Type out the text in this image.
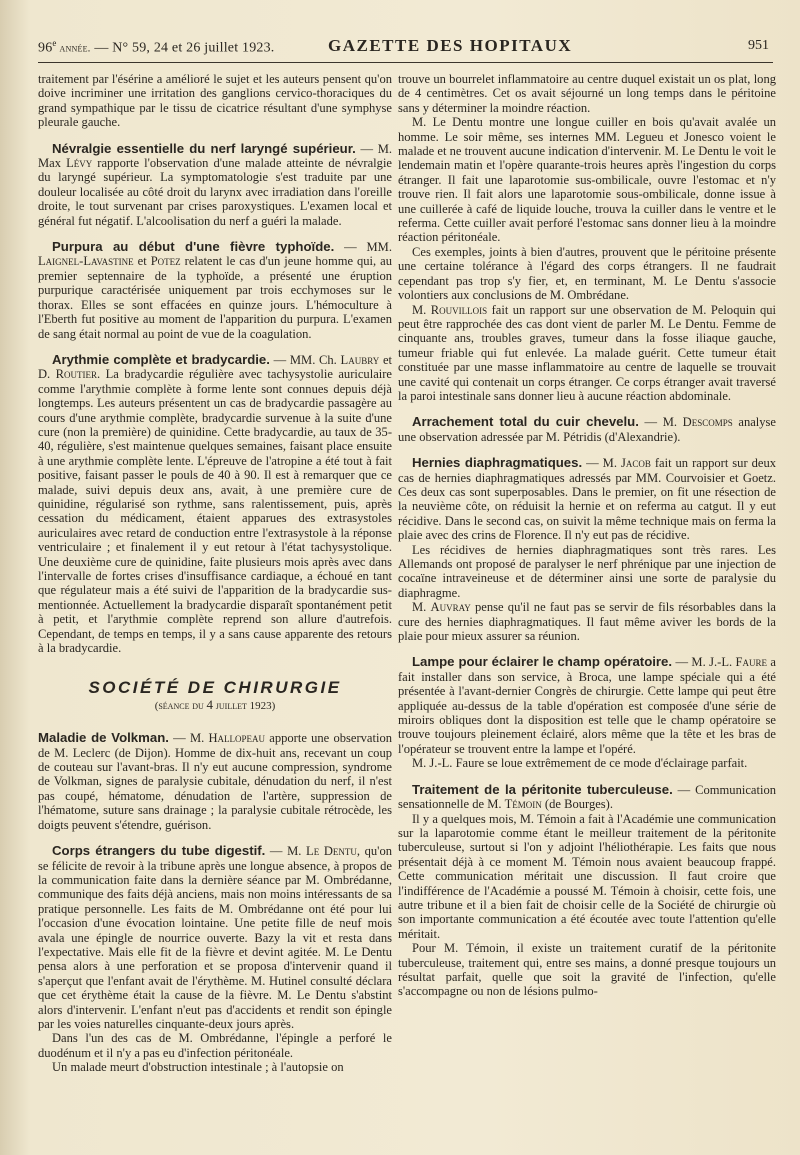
96e année. — N° 59, 24 et 26 juillet 1923.	GAZETTE DES HOPITAUX	951

traitement par l'ésérine a amélioré le sujet et les auteurs pensent qu'on doive incriminer une irritation des ganglions cervico-thoraciques du grand sympathique par le tissu de cicatrice résultant d'une symphyse pleurale gauche.

Névralgie essentielle du nerf laryngé supérieur. — M. Max Lévy rapporte l'observation d'une malade atteinte de névralgie du laryngé supérieur. La symptomatologie s'est traduite par une douleur localisée au côté droit du larynx avec irradiation dans l'oreille droite, le tout survenant par crises paroxystiques. L'examen local et général fut négatif. L'alcoolisation du nerf a guéri la malade.

Purpura au début d'une fièvre typhoïde. — MM. Laignel-Lavastine et Potez relatent le cas d'un jeune homme qui, au premier septennaire de la typhoïde, a présenté une éruption purpurique caractérisée uniquement par trois ecchymoses sur le thorax. Elles se sont effacées en quinze jours. L'hémoculture à l'Eberth fut positive au moment de l'apparition du purpura. L'examen de sang était normal au point de vue de la coagulation.

Arythmie complète et bradycardie. — MM. Ch. Laubry et D. Routier. La bradycardie régulière avec tachysystolie auriculaire comme l'arythmie complète à forme lente sont connues depuis déjà longtemps. Les auteurs présentent un cas de bradycardie passagère au cours d'une arythmie complète, bradycardie survenue à la suite d'une cure (non la première) de quinidine. Cette bradycardie, au taux de 35-40, régulière, s'est maintenue quelques semaines, faisant place ensuite à une arythmie complète lente. L'épreuve de l'atropine a été tout à fait positive, faisant passer le pouls de 40 à 90. Il est à remarquer que ce malade, suivi depuis deux ans, avait, à une première cure de quinidine, régularisé son rythme, sans ralentissement, puis, après cessation du médicament, étaient apparues des extrasystoles auriculaires avec retard de conduction entre l'extrasystole à la réponse ventriculaire ; et finalement il y eut retour à l'état tachysystolique. Une deuxième cure de quinidine, faite plusieurs mois après avec dans l'intervalle de fortes crises d'insuffisance cardiaque, a échoué en tant que régulateur mais a été suivi de l'apparition de la bradycardie sus-mentionnée. Actuellement la bradycardie disparaît spontanément petit à petit, et l'arythmie complète reprend son allure d'autrefois. Cependant, de temps en temps, il y a sans cause apparente des retours à la bradycardie.

SOCIÉTÉ DE CHIRURGIE
(séance du 4 juillet 1923)

Maladie de Volkman. — M. Hallopeau apporte une observation de M. Leclerc (de Dijon). Homme de dix-huit ans, recevant un coup de couteau sur l'avant-bras. Il n'y eut aucune compression, syndrome de Volkman, signes de paralysie cubitale, dénudation du nerf, il n'est pas coupé, hématome, dénudation de l'artère, suppression de l'hématome, suture sans drainage ; la paralysie cubitale rétrocède, les doigts peuvent s'étendre, guérison.

Corps étrangers du tube digestif. — M. Le Dentu, qu'on se félicite de revoir à la tribune après une longue absence, à propos de la communication faite dans la dernière séance par M. Ombrédanne, communique des faits déjà anciens, mais non moins intéressants de sa pratique personnelle. Les faits de M. Ombrédanne ont été pour lui l'occasion d'une évocation lointaine. Une petite fille de neuf mois avala une épingle de nourrice ouverte. Bazy la vit et resta dans l'expectative. Mais elle fit de la fièvre et devint agitée. M. Le Dentu pensa alors à une perforation et se proposa d'intervenir quand il s'aperçut que l'enfant avait de l'érythème. M. Hutinel consulté déclara que cet érythème était la cause de la fièvre. M. Le Dentu s'abstint alors d'intervenir. L'enfant n'eut pas d'accidents et rendit son épingle par les voies naturelles cinquante-deux jours après.

Dans l'un des cas de M. Ombrédanne, l'épingle a perforé le duodénum et il n'y a pas eu d'infection péritonéale.

Un malade meurt d'obstruction intestinale ; à l'autopsie on

trouve un bourrelet inflammatoire au centre duquel existait un os plat, long de 4 centimètres. Cet os avait séjourné un long temps dans le péritoine sans y déterminer la moindre réaction.

M. Le Dentu montre une longue cuiller en bois qu'avait avalée un homme. Le soir même, ses internes MM. Legueu et Jonesco voient le malade et ne trouvent aucune indication d'intervenir. M. Le Dentu le voit le lendemain matin et l'opère quarante-trois heures après l'ingestion du corps étranger. Il fait une laparotomie sus-ombilicale, ouvre l'estomac et n'y trouve rien. Il fait alors une laparotomie sous-ombilicale, donne issue à une cuillerée à café de liquide louche, trouva la cuiller dans le ventre et le referma. Cette cuiller avait perforé l'estomac sans donner lieu à la moindre réaction péritonéale.

Ces exemples, joints à bien d'autres, prouvent que le péritoine présente une certaine tolérance à l'égard des corps étrangers. Il ne faudrait cependant pas trop s'y fier, et, en terminant, M. Le Dentu s'associe volontiers aux conclusions de M. Ombrédane.

M. Rouvillois fait un rapport sur une observation de M. Peloquin qui peut être rapprochée des cas dont vient de parler M. Le Dentu. Femme de cinquante ans, troubles graves, tumeur dans la fosse iliaque gauche, tumeur friable qui fut enlevée. La malade guérit. Cette tumeur était constituée par une masse inflammatoire au centre de laquelle se trouvait une cavité qui contenait un corps étranger. Ce corps étranger avait traversé la paroi intestinale sans donner lieu à aucune réaction abdominale.

Arrachement total du cuir chevelu. — M. Descomps analyse une observation adressée par M. Pétridis (d'Alexandrie).

Hernies diaphragmatiques. — M. Jacob fait un rapport sur deux cas de hernies diaphragmatiques adressés par MM. Courvoisier et Goetz. Ces deux cas sont superposables. Dans le premier, on fit une résection de la neuvième côte, on réduisit la hernie et on referma au catgut. Il y eut récidive. Dans le second cas, on suivit la même technique mais on ferma la plaie avec des crins de Florence. Il n'y eut pas de récidive.

Les récidives de hernies diaphragmatiques sont très rares. Les Allemands ont proposé de paralyser le nerf phrénique par une injection de cocaïne intraveineuse et de déterminer ainsi une sorte de paralysie du diaphragme.

M. Auvray pense qu'il ne faut pas se servir de fils résorbables dans la cure des hernies diaphragmatiques. Il faut même aviver les bords de la plaie pour mieux assurer sa réunion.

Lampe pour éclairer le champ opératoire. — M. J.-L. Faure a fait installer dans son service, à Broca, une lampe spéciale qui a été présentée à l'avant-dernier Congrès de chirurgie. Cette lampe qui peut être appliquée au-dessus de la table d'opération est composée d'une série de miroirs obliques dont la disposition est telle que le champ opératoire se trouve toujours pleinement éclairé, alors même que la tête et les bras de l'opérateur se trouvent entre la lampe et l'opéré.

M. J.-L. Faure se loue extrêmement de ce mode d'éclairage parfait.

Traitement de la péritonite tuberculeuse. — Communication sensationnelle de M. Témoin (de Bourges).

Il y a quelques mois, M. Témoin a fait à l'Académie une communication sur la laparotomie comme étant le meilleur traitement de la péritonite tuberculeuse, surtout si l'on y adjoint l'héliothérapie. Les faits que nous présentait déjà à ce moment M. Témoin nous avaient beaucoup frappé. Cette communication méritait une discussion. Il faut croire que l'indifférence de l'Académie a poussé M. Témoin à choisir, cette fois, une autre tribune et il a bien fait de choisir celle de la Société de chirurgie où son importante communication a été écoutée avec toute l'attention qu'elle méritait.

Pour M. Témoin, il existe un traitement curatif de la péritonite tuberculeuse, traitement qui, entre ses mains, a donné presque toujours un résultat parfait, quelle que soit la gravité de l'infection, qu'elle s'accompagne ou non de lésions pulmo-
